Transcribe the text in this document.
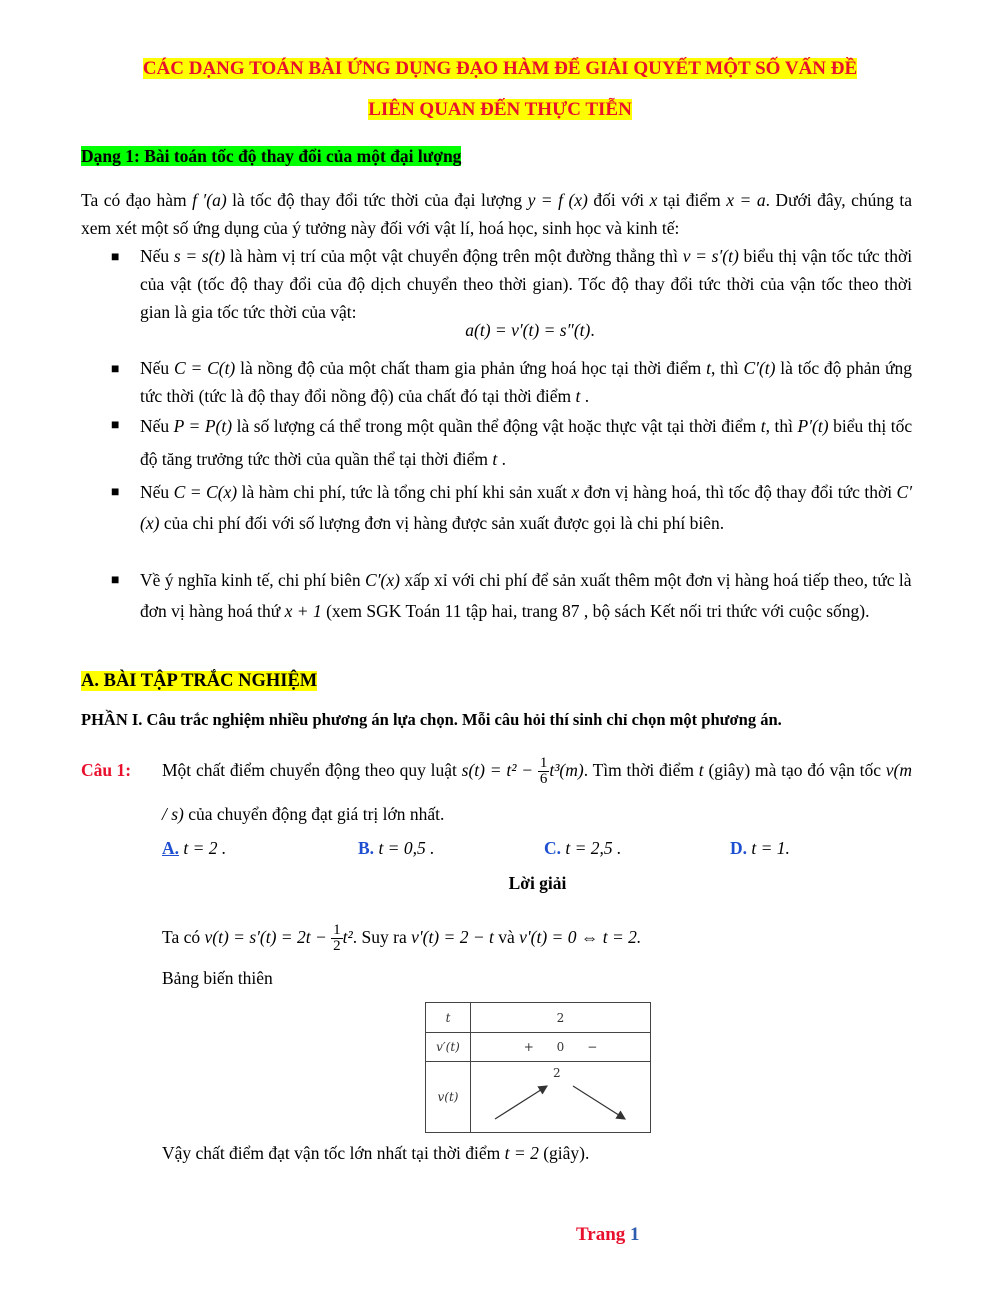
CÁC DẠNG TOÁN BÀI ỨNG DỤNG ĐẠO HÀM ĐỂ GIẢI QUYẾT MỘT SỐ VẤN ĐỀ
LIÊN QUAN ĐẾN THỰC TIỄN
Dạng 1: Bài toán tốc độ thay đổi của một đại lượng
Ta có đạo hàm f ′(a) là tốc độ thay đổi tức thời của đại lượng y = f (x) đối với x tại điểm x = a. Dưới đây, chúng ta xem xét một số ứng dụng của ý tưởng này đối với vật lí, hoá học, sinh học và kinh tế:
■ Nếu s = s(t) là hàm vị trí của một vật chuyển động trên một đường thẳng thì v = s′(t) biểu thị vận tốc tức thời của vật (tốc độ thay đổi của độ dịch chuyển theo thời gian). Tốc độ thay đổi tức thời của vận tốc theo thời gian là gia tốc tức thời của vật:
a(t) = v′(t) = s″(t).
■ Nếu C = C(t) là nồng độ của một chất tham gia phản ứng hoá học tại thời điểm t, thì C′(t) là tốc độ phản ứng tức thời (tức là độ thay đổi nồng độ) của chất đó tại thời điểm t .
■ Nếu P = P(t) là số lượng cá thể trong một quần thể động vật hoặc thực vật tại thời điểm t, thì P′(t) biểu thị tốc độ tăng trưởng tức thời của quần thể tại thời điểm t .
■ Nếu C = C(x) là hàm chi phí, tức là tổng chi phí khi sản xuất x đơn vị hàng hoá, thì tốc độ thay đổi tức thời C′(x) của chi phí đối với số lượng đơn vị hàng được sản xuất được gọi là chi phí biên.
■ Về ý nghĩa kinh tế, chi phí biên C′(x) xấp xỉ với chi phí để sản xuất thêm một đơn vị hàng hoá tiếp theo, tức là đơn vị hàng hoá thứ x + 1 (xem SGK Toán 11 tập hai, trang 87 , bộ sách Kết nối tri thức với cuộc sống).
A. BÀI TẬP TRẮC NGHIỆM
PHẦN I. Câu trắc nghiệm nhiều phương án lựa chọn. Mỗi câu hỏi thí sinh chỉ chọn một phương án.
Câu 1: Một chất điểm chuyển động theo quy luật $s(t) = t^2 - \frac{1}{6} t^3(m)$. Tìm thời điểm t (giây) mà tạo đó vận tốc v(m / s) của chuyển động đạt giá trị lớn nhất.
A. t = 2 .	B. t = 0,5 .	C. t = 2,5 .	D. t = 1.
Lời giải
Ta có $v(t) = s'(t) = 2t - \frac{1}{2} t^2$. Suy ra v'(t) = 2 − t và v'(t) = 0 ⇔ t = 2.
Bảng biến thiên
t	2
v′(t)	+      0      −
v(t)	2
Vậy chất điểm đạt vận tốc lớn nhất tại thời điểm t = 2 (giây).
Trang 1
